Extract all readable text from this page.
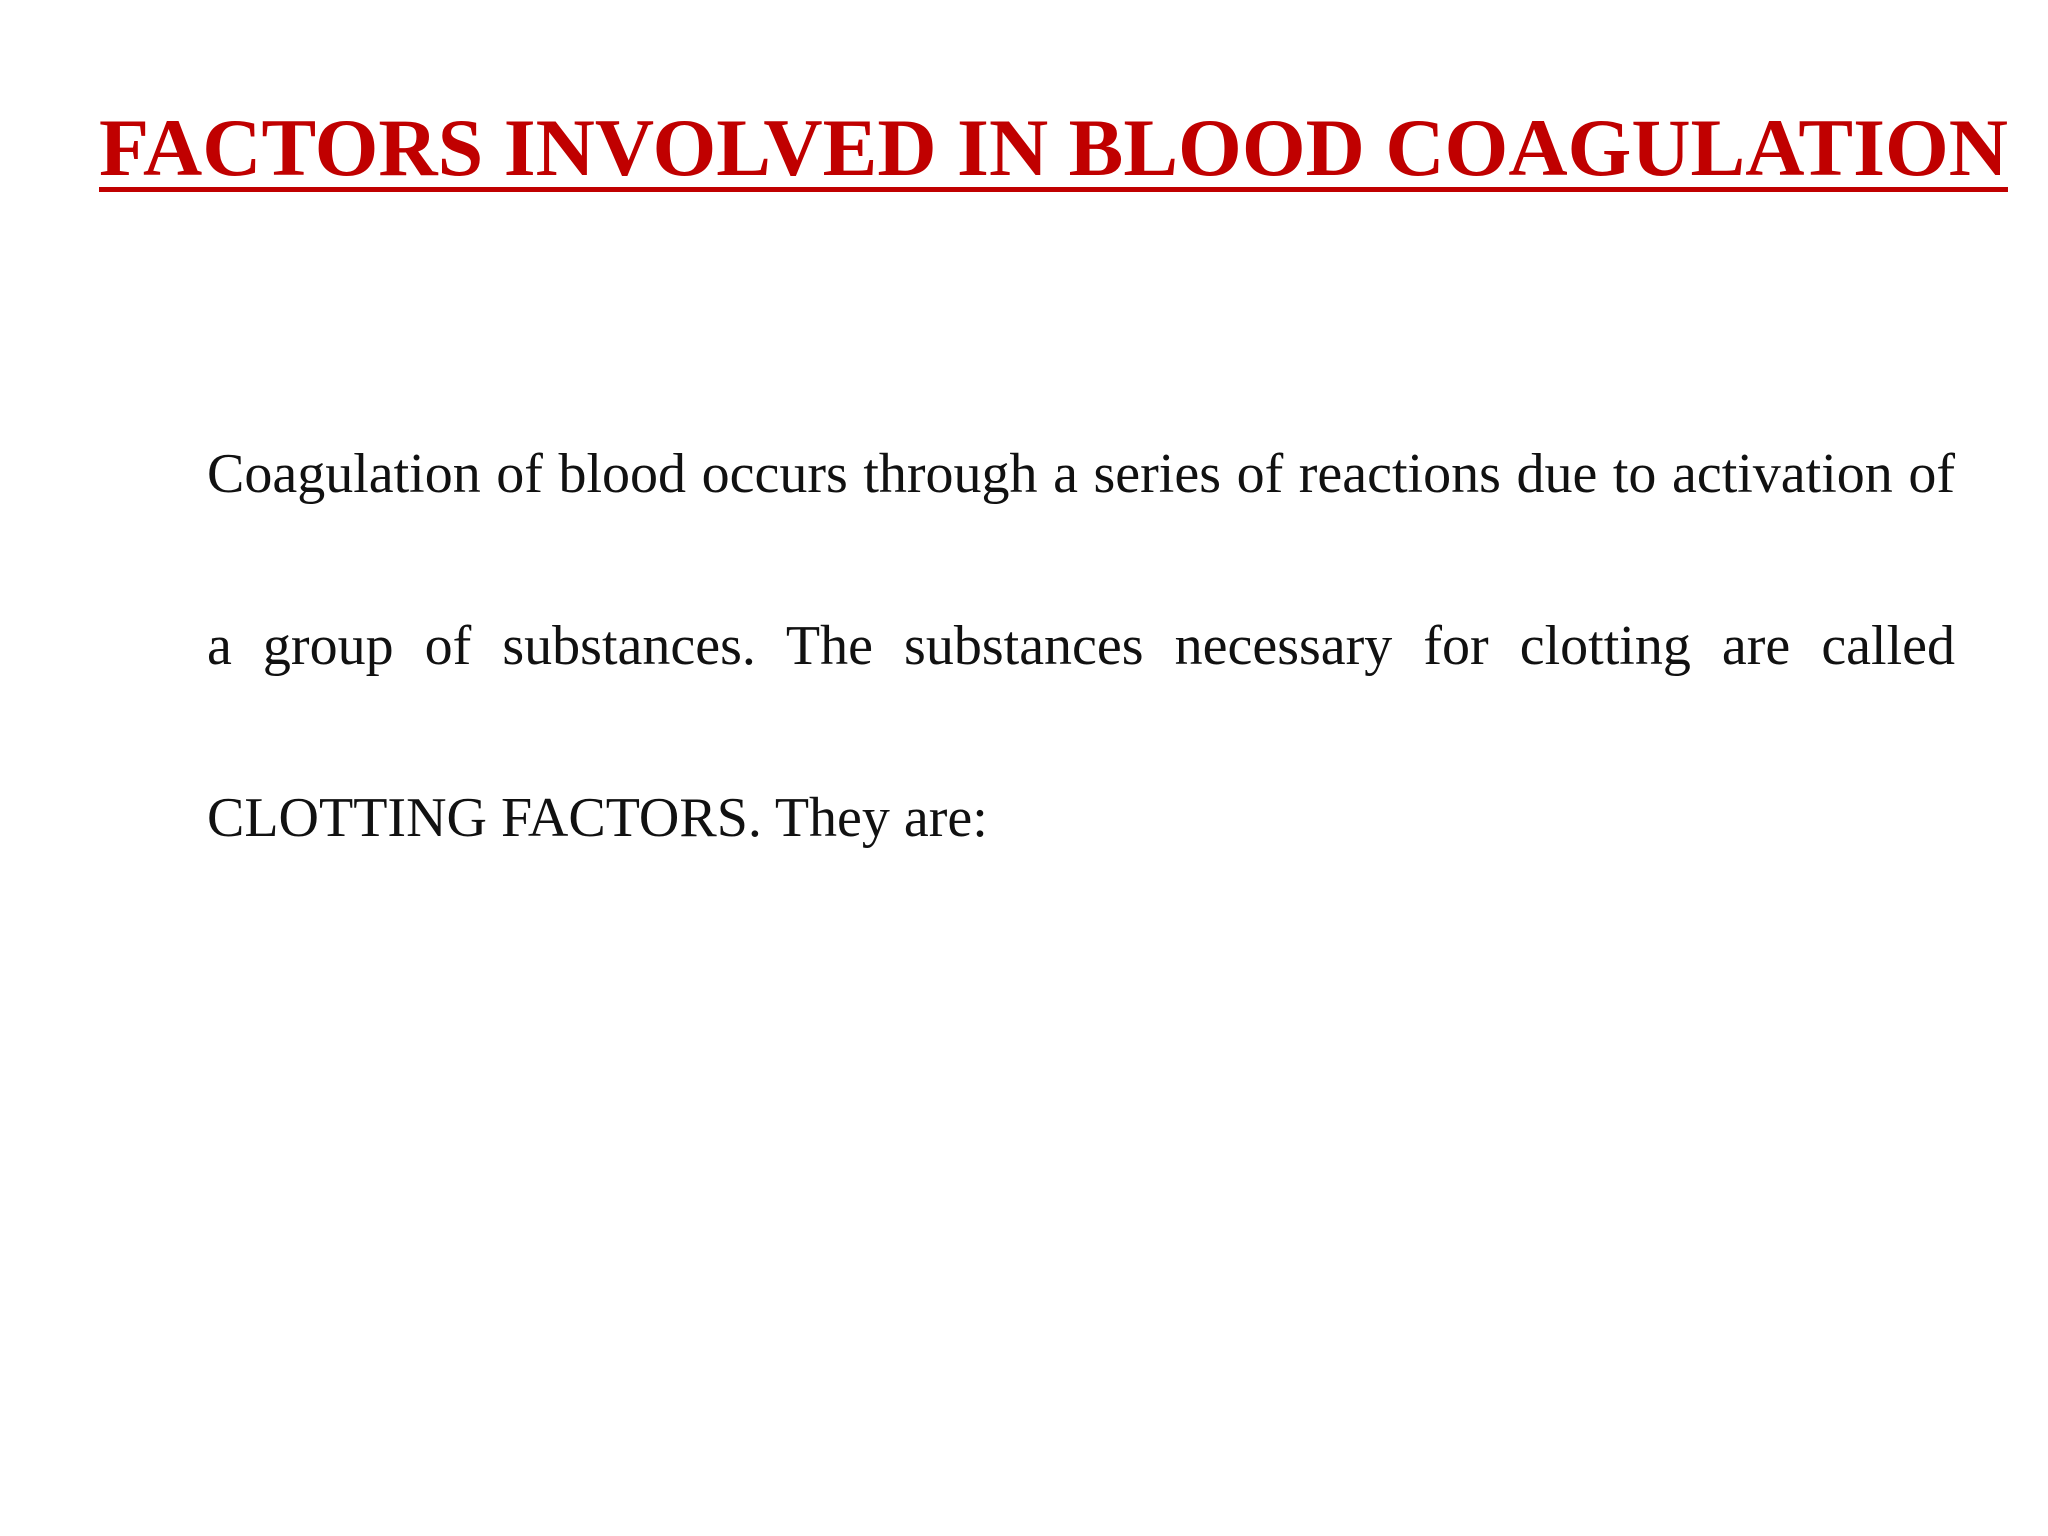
FACTORS INVOLVED IN BLOOD COAGULATION

Coagulation of blood occurs through a series of reactions due to activation of a group of substances. The substances necessary for clotting are called CLOTTING FACTORS. They are:
